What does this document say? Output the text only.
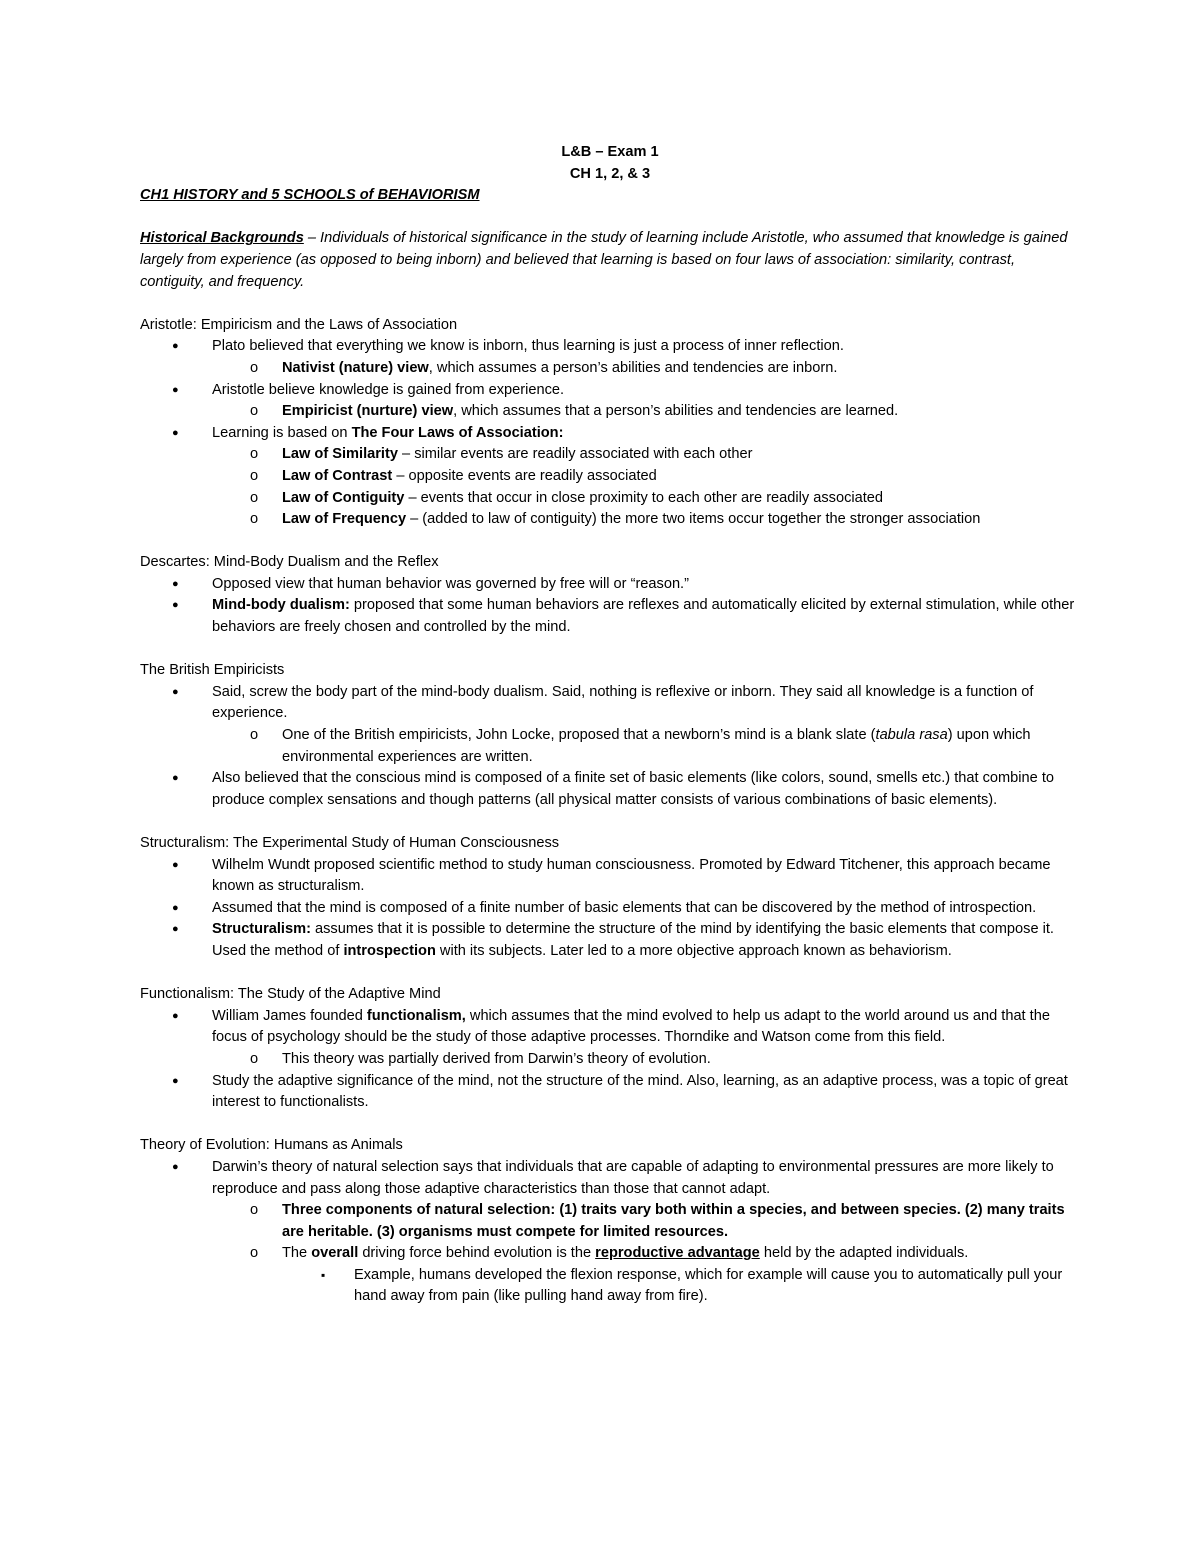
L&B – Exam 1
CH 1, 2, & 3
CH1 HISTORY and 5 SCHOOLS of BEHAVIORISM

Historical Backgrounds – Individuals of historical significance in the study of learning include Aristotle, who assumed that knowledge is gained largely from experience (as opposed to being inborn) and believed that learning is based on four laws of association: similarity, contrast, contiguity, and frequency.

Aristotle: Empiricism and the Laws of Association
● Plato believed that everything we know is inborn, thus learning is just a process of inner reflection.
o Nativist (nature) view, which assumes a person’s abilities and tendencies are inborn.
● Aristotle believe knowledge is gained from experience.
o Empiricist (nurture) view, which assumes that a person’s abilities and tendencies are learned.
● Learning is based on The Four Laws of Association:
o Law of Similarity – similar events are readily associated with each other
o Law of Contrast – opposite events are readily associated
o Law of Contiguity – events that occur in close proximity to each other are readily associated
o Law of Frequency – (added to law of contiguity) the more two items occur together the stronger association
Descartes: Mind-Body Dualism and the Reflex
● Opposed view that human behavior was governed by free will or “reason.”
● Mind-body dualism: proposed that some human behaviors are reflexes and automatically elicited by external stimulation, while other behaviors are freely chosen and controlled by the mind.
The British Empiricists
● Said, screw the body part of the mind-body dualism. Said, nothing is reflexive or inborn. They said all knowledge is a function of experience.
o One of the British empiricists, John Locke, proposed that a newborn’s mind is a blank slate (tabula rasa) upon which environmental experiences are written.
● Also believed that the conscious mind is composed of a finite set of basic elements (like colors, sound, smells etc.) that combine to produce complex sensations and though patterns (all physical matter consists of various combinations of basic elements).
Structuralism: The Experimental Study of Human Consciousness
● Wilhelm Wundt proposed scientific method to study human consciousness. Promoted by Edward Titchener, this approach became known as structuralism.
● Assumed that the mind is composed of a finite number of basic elements that can be discovered by the method of introspection.
● Structuralism: assumes that it is possible to determine the structure of the mind by identifying the basic elements that compose it. Used the method of introspection with its subjects. Later led to a more objective approach known as behaviorism.
Functionalism: The Study of the Adaptive Mind
● William James founded functionalism, which assumes that the mind evolved to help us adapt to the world around us and that the focus of psychology should be the study of those adaptive processes. Thorndike and Watson come from this field.
o This theory was partially derived from Darwin’s theory of evolution.
● Study the adaptive significance of the mind, not the structure of the mind. Also, learning, as an adaptive process, was a topic of great interest to functionalists.
Theory of Evolution: Humans as Animals
● Darwin’s theory of natural selection says that individuals that are capable of adapting to environmental pressures are more likely to reproduce and pass along those adaptive characteristics than those that cannot adapt.
o Three components of natural selection: (1) traits vary both within a species, and between species. (2) many traits are heritable. (3) organisms must compete for limited resources.
o The overall driving force behind evolution is the reproductive advantage held by the adapted individuals.
▪ Example, humans developed the flexion response, which for example will cause you to automatically pull your hand away from pain (like pulling hand away from fire).
